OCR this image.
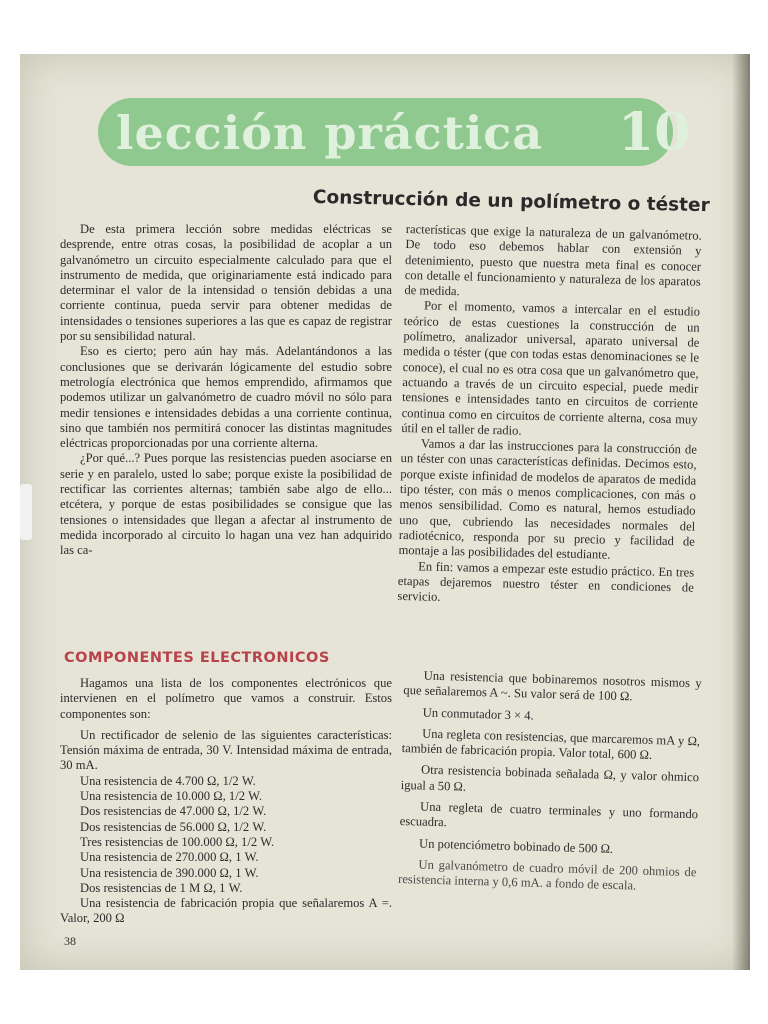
lección práctica 10
Construcción de un polímetro o téster

De esta primera lección sobre medidas eléctricas se desprende, entre otras cosas, la posibilidad de acoplar a un galvanómetro un circuito especialmente calculado para que el instrumento de medida, que originariamente está indicado para determinar el valor de la intensidad o tensión debidas a una corriente continua, pueda servir para obtener medidas de intensidades o tensiones superiores a las que es capaz de registrar por su sensibilidad natural.

Eso es cierto; pero aún hay más. Adelantándonos a las conclusiones que se derivarán lógicamente del estudio sobre metrología electrónica que hemos emprendido, afirmamos que podemos utilizar un galvanómetro de cuadro móvil no sólo para medir tensiones e intensidades debidas a una corriente continua, sino que también nos permitirá conocer las distintas magnitudes eléctricas proporcionadas por una corriente alterna.

¿Por qué...? Pues porque las resistencias pueden asociarse en serie y en paralelo, usted lo sabe; porque existe la posibilidad de rectificar las corrientes alternas; también sabe algo de ello... etcétera, y porque de estas posibilidades se consigue que las tensiones o intensidades que llegan a afectar al instrumento de medida incorporado al circuito lo hagan una vez han adquirido las ca-

racterísticas que exige la naturaleza de un galvanómetro. De todo eso debemos hablar con extensión y detenimiento, puesto que nuestra meta final es conocer con detalle el funcionamiento y naturaleza de los aparatos de medida.

Por el momento, vamos a intercalar en el estudio teórico de estas cuestiones la construcción de un polímetro, analizador universal, aparato universal de medida o téster (que con todas estas denominaciones se le conoce), el cual no es otra cosa que un galvanómetro que, actuando a través de un circuito especial, puede medir tensiones e intensidades tanto en circuitos de corriente continua como en circuitos de corriente alterna, cosa muy útil en el taller de radio.

Vamos a dar las instrucciones para la construcción de un téster con unas características definidas. Decimos esto, porque existe infinidad de modelos de aparatos de medida tipo téster, con más o menos complicaciones, con más o menos sensibilidad. Como es natural, hemos estudiado uno que, cubriendo las necesidades normales del radiotécnico, responda por su precio y facilidad de montaje a las posibilidades del estudiante.

En fin: vamos a empezar este estudio práctico. En tres etapas dejaremos nuestro téster en condiciones de servicio.

COMPONENTES ELECTRONICOS

Hagamos una lista de los componentes electrónicos que intervienen en el polímetro que vamos a construir. Estos componentes son:

Un rectificador de selenio de las siguientes características: Tensión máxima de entrada, 30 V. Intensidad máxima de entrada, 30 mA.
Una resistencia de 4.700 Ω, 1/2 W.
Una resistencia de 10.000 Ω, 1/2 W.
Dos resistencias de 47.000 Ω, 1/2 W.
Dos resistencias de 56.000 Ω, 1/2 W.
Tres resistencias de 100.000 Ω, 1/2 W.
Una resistencia de 270.000 Ω, 1 W.
Una resistencia de 390.000 Ω, 1 W.
Dos resistencias de 1 M Ω, 1 W.
Una resistencia de fabricación propia que señalaremos A =. Valor, 200 Ω

Una resistencia que bobinaremos nosotros mismos y que señalaremos A ~. Su valor será de 100 Ω.

Un conmutador 3 × 4.

Una regleta con resistencias, que marcaremos mA y Ω, también de fabricación propia. Valor total, 600 Ω.

Otra resistencia bobinada señalada Ω, y valor ohmico igual a 50 Ω.

Una regleta de cuatro terminales y uno formando escuadra.

Un potenciómetro bobinado de 500 Ω.

Un galvanómetro de cuadro móvil de 200 ohmios de resistencia interna y 0,6 mA. a fondo de escala.

38
